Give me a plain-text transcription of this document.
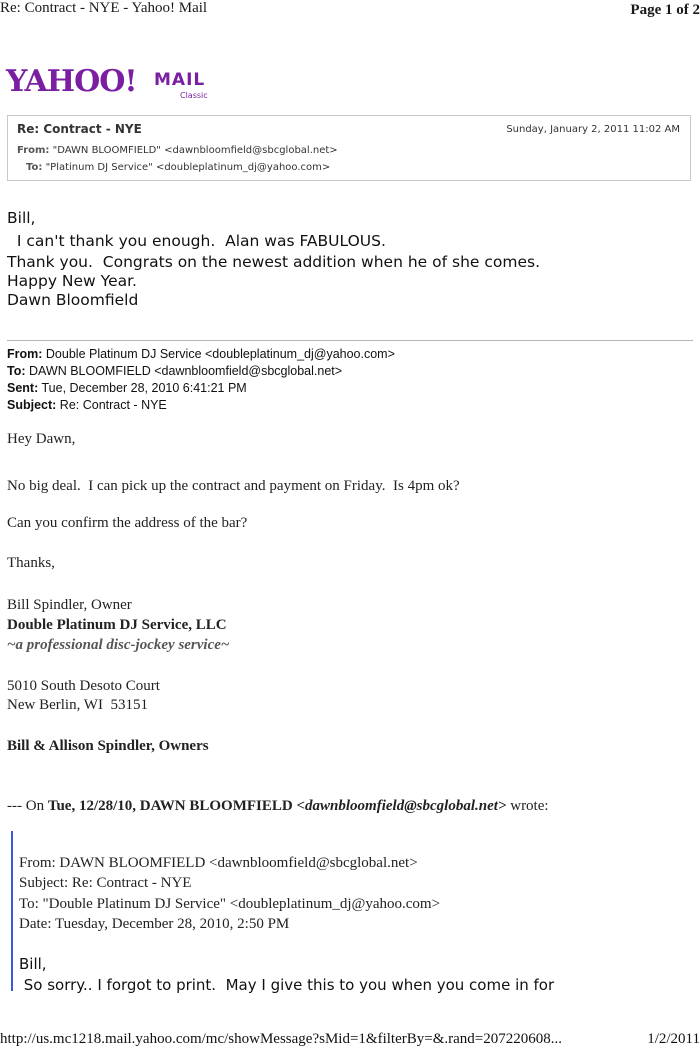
Re: Contract - NYE - Yahoo! Mail	Page 1 of 2
YAHOO! MAIL
Classic
Re: Contract - NYE	Sunday, January 2, 2011 11:02 AM
From: "DAWN BLOOMFIELD" <dawnbloomfield@sbcglobal.net>
To: "Platinum DJ Service" <doubleplatinum_dj@yahoo.com>
Bill,
I can't thank you enough.  Alan was FABULOUS.
Thank you.  Congrats on the newest addition when he of she comes.
Happy New Year.
Dawn Bloomfield
From: Double Platinum DJ Service <doubleplatinum_dj@yahoo.com>
To: DAWN BLOOMFIELD <dawnbloomfield@sbcglobal.net>
Sent: Tue, December 28, 2010 6:41:21 PM
Subject: Re: Contract - NYE
Hey Dawn,
No big deal.  I can pick up the contract and payment on Friday.  Is 4pm ok?
Can you confirm the address of the bar?
Thanks,
Bill Spindler, Owner
Double Platinum DJ Service, LLC
~a professional disc-jockey service~
5010 South Desoto Court
New Berlin, WI  53151
Bill & Allison Spindler, Owners
--- On Tue, 12/28/10, DAWN BLOOMFIELD <dawnbloomfield@sbcglobal.net> wrote:
From: DAWN BLOOMFIELD <dawnbloomfield@sbcglobal.net>
Subject: Re: Contract - NYE
To: "Double Platinum DJ Service" <doubleplatinum_dj@yahoo.com>
Date: Tuesday, December 28, 2010, 2:50 PM
Bill,
So sorry.. I forgot to print.  May I give this to you when you come in for
http://us.mc1218.mail.yahoo.com/mc/showMessage?sMid=1&filterBy=&.rand=207220608...	1/2/2011
